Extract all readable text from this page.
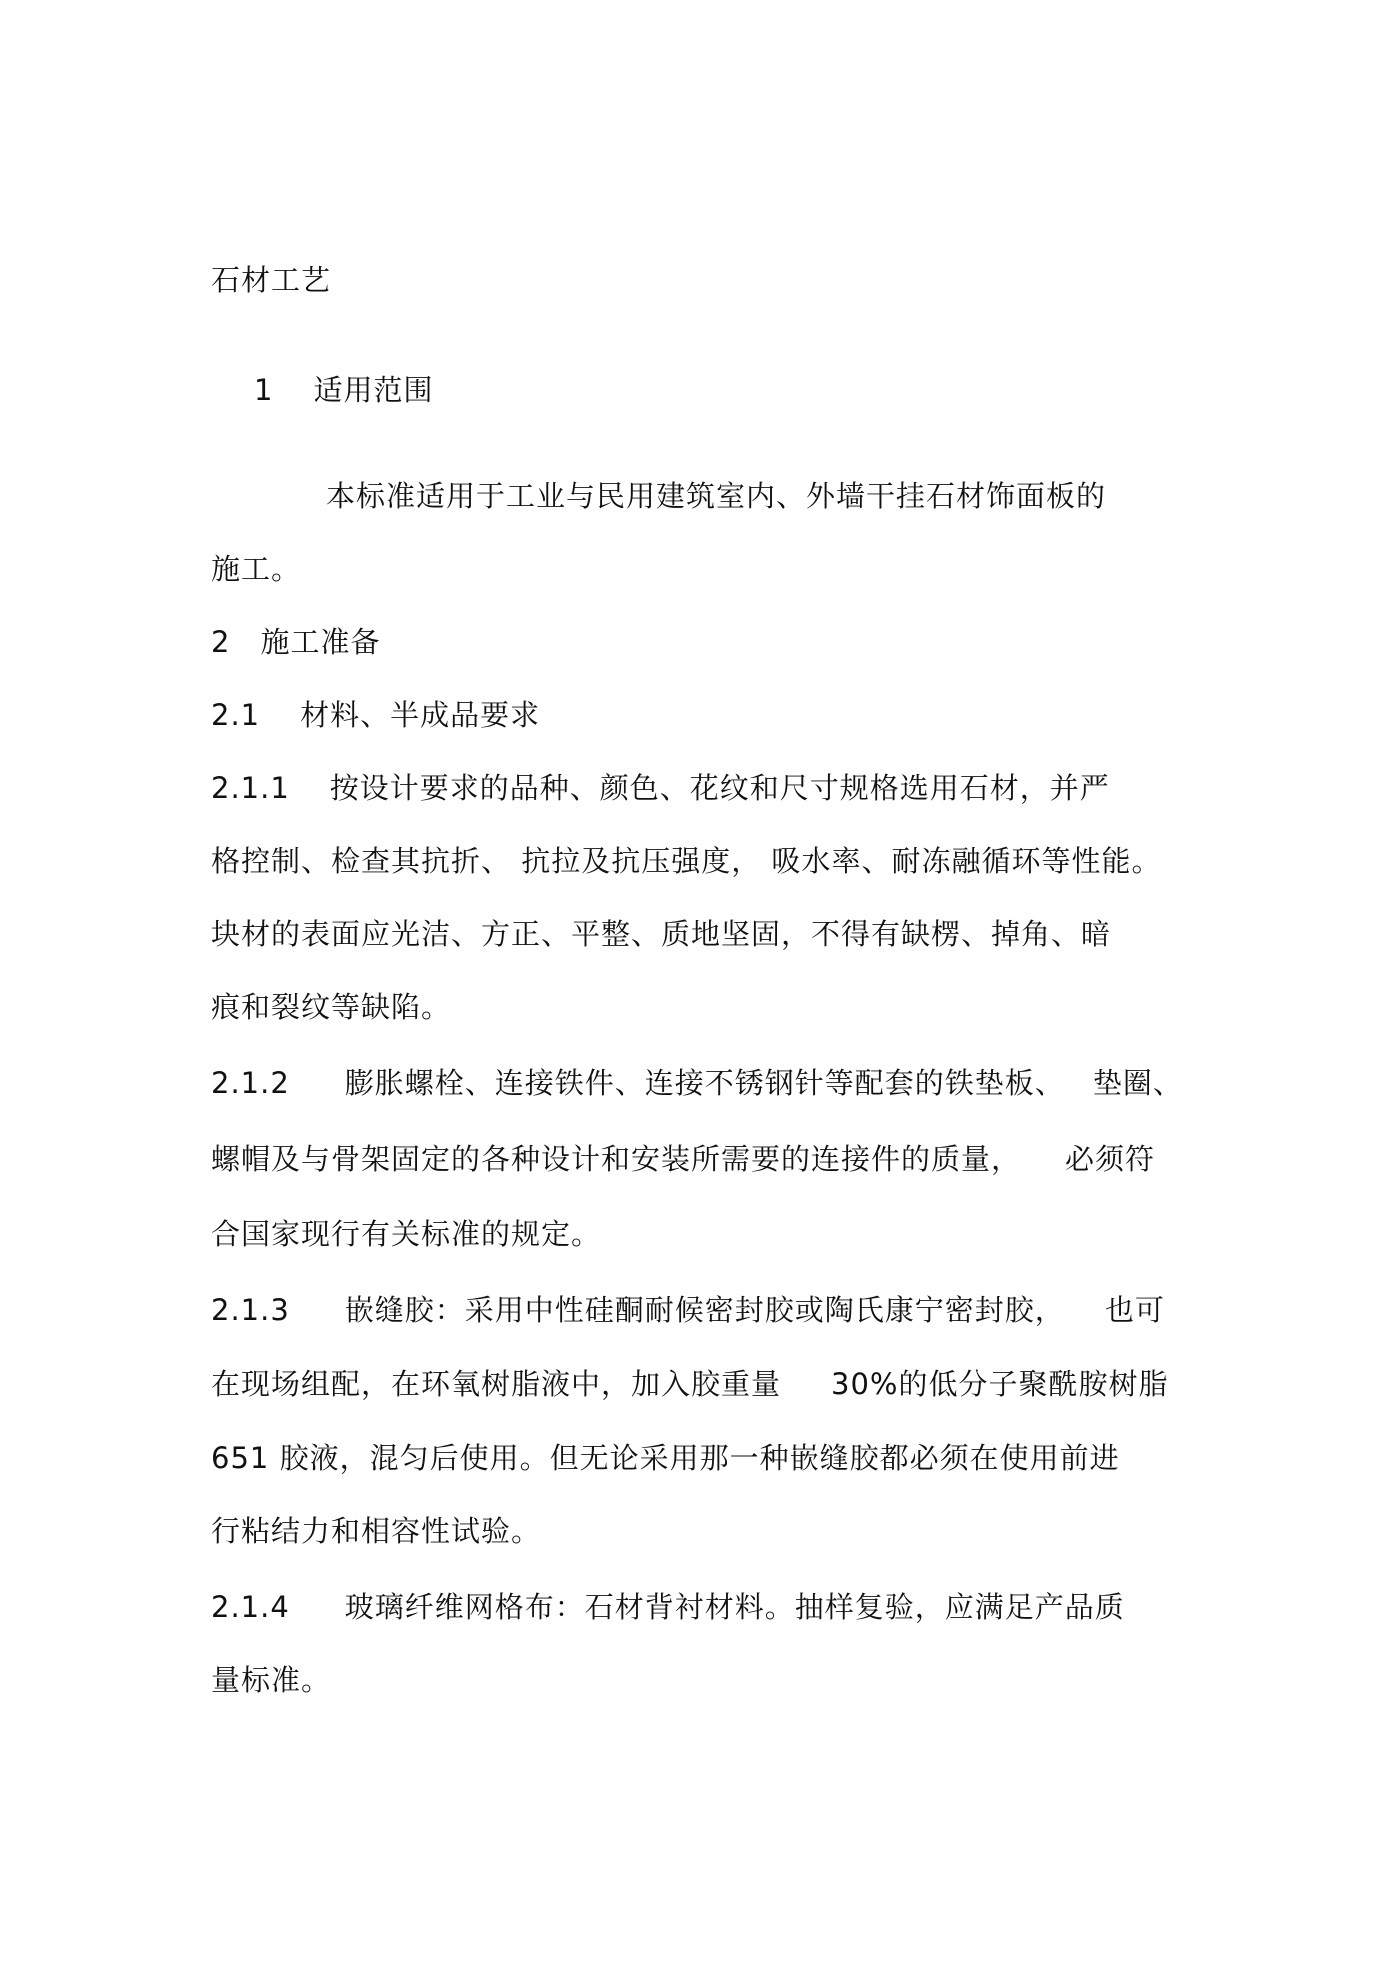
石材工艺
1 适用范围
本标准适用于工业与民用建筑室内、外墙干挂石材饰面板的
施工。
2 施工准备
2.1 材料、半成品要求
2.1.1 按设计要求的品种、颜色、花纹和尺寸规格选用石材，并严
格控制、检查其抗折、 抗拉及抗压强度， 吸水率、耐冻融循环等性能。
块材的表面应光洁、方正、平整、质地坚固，不得有缺楞、掉角、暗
痕和裂纹等缺陷。
2.1.2 膨胀螺栓、连接铁件、连接不锈钢针等配套的铁垫板、 垫圈、
螺帽及与骨架固定的各种设计和安装所需要的连接件的质量， 必须符
合国家现行有关标准的规定。
2.1.3 嵌缝胶：采用中性硅酮耐候密封胶或陶氏康宁密封胶， 也可
在现场组配，在环氧树脂液中，加入胶重量 30%的低分子聚酰胺树脂
651 胶液，混匀后使用。但无论采用那一种嵌缝胶都必须在使用前进
行粘结力和相容性试验。
2.1.4 玻璃纤维网格布：石材背衬材料。抽样复验，应满足产品质
量标准。
